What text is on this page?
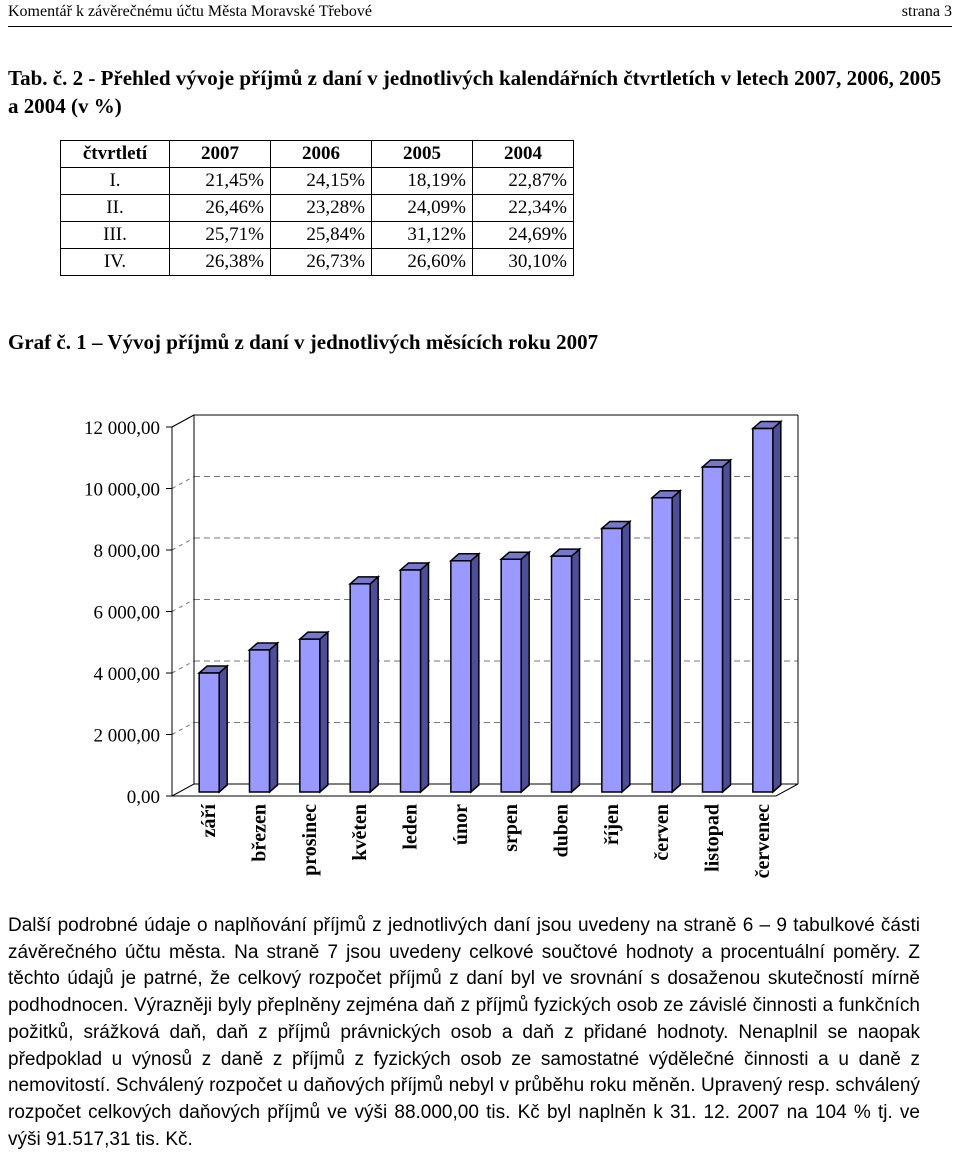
Komentář k závěrečnému účtu Města Moravské Třebové	strana 3
Tab. č. 2 - Přehled vývoje příjmů z daní v jednotlivých kalendářních čtvrtletích v letech 2007, 2006, 2005 a 2004 (v %)
čtvrtletí	2007	2006	2005	2004
I.	21,45%	24,15%	18,19%	22,87%
II.	26,46%	23,28%	24,09%	22,34%
III.	25,71%	25,84%	31,12%	24,69%
IV.	26,38%	26,73%	26,60%	30,10%
Graf č. 1 – Vývoj příjmů z daní v jednotlivých měsících roku 2007
0,00
2 000,00
4 000,00
6 000,00
8 000,00
10 000,00
12 000,00
září březen prosinec květen leden únor srpen duben říjen červen listopad červenec
Další podrobné údaje o naplňování příjmů z jednotlivých daní jsou uvedeny na straně 6 – 9 tabulkové části závěrečného účtu města. Na straně 7 jsou uvedeny celkové součtové hodnoty a procentuální poměry. Z těchto údajů je patrné, že celkový rozpočet příjmů z daní byl ve srovnání s dosaženou skutečností mírně podhodnocen. Výrazněji byly přeplněny zejména daň z příjmů fyzických osob ze závislé činnosti a funkčních požitků, srážková daň, daň z příjmů právnických osob a daň z přidané hodnoty. Nenaplnil se naopak předpoklad u výnosů z daně z příjmů z fyzických osob ze samostatné výdělečné činnosti a u daně z nemovitostí. Schválený rozpočet u daňových příjmů nebyl v průběhu roku měněn. Upravený resp. schválený rozpočet celkových daňových příjmů ve výši 88.000,00 tis. Kč byl naplněn k 31. 12. 2007 na 104 % tj. ve výši 91.517,31 tis. Kč.
